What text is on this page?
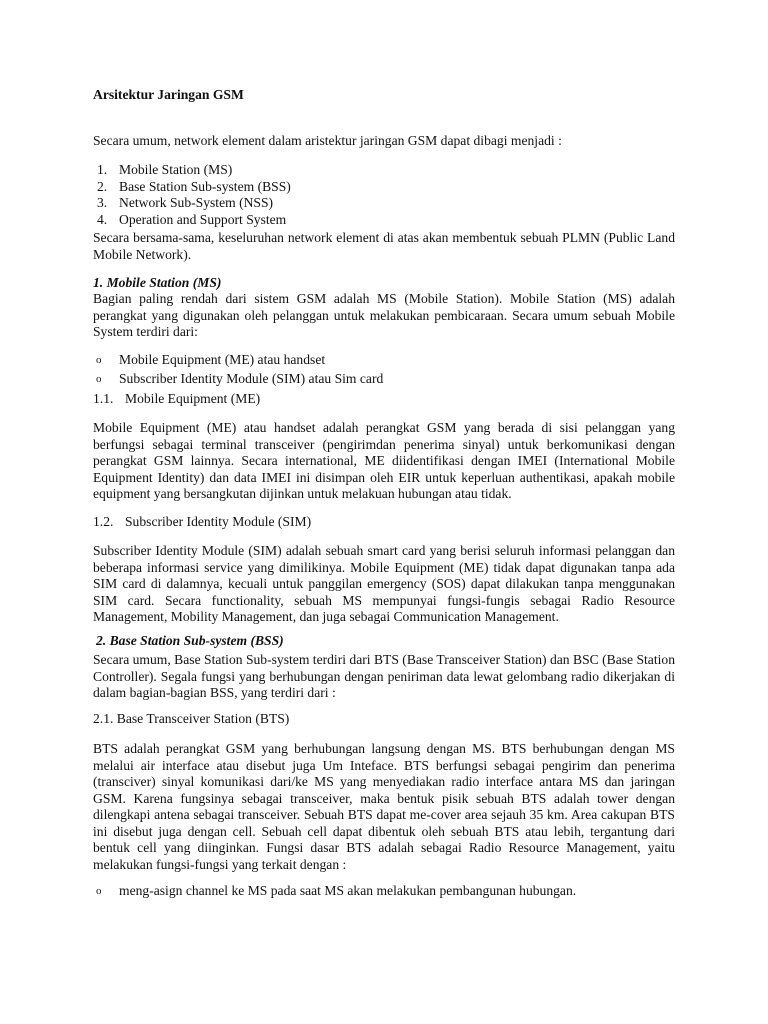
Arsitektur Jaringan GSM

Secara umum, network element dalam aristektur jaringan GSM dapat dibagi menjadi :

1. Mobile Station (MS)
2. Base Station Sub-system (BSS)
3. Network Sub-System (NSS)
4. Operation and Support System

Secara bersama-sama, keseluruhan network element di atas akan membentuk sebuah PLMN (Public Land Mobile Network).

1. Mobile Station (MS)

Bagian paling rendah dari sistem GSM adalah MS (Mobile Station). Mobile Station (MS) adalah perangkat yang digunakan oleh pelanggan untuk melakukan pembicaraan. Secara umum sebuah Mobile System terdiri dari:

o Mobile Equipment (ME) atau handset
o Subscriber Identity Module (SIM) atau Sim card

1.1. Mobile Equipment (ME)

Mobile Equipment (ME) atau handset adalah perangkat GSM yang berada di sisi pelanggan yang berfungsi sebagai terminal transceiver (pengirimdan penerima sinyal) untuk berkomunikasi dengan perangkat GSM lainnya. Secara international, ME diidentifikasi dengan IMEI (International Mobile Equipment Identity) dan data IMEI ini disimpan oleh EIR untuk keperluan authentikasi, apakah mobile equipment yang bersangkutan dijinkan untuk melakuan hubungan atau tidak.

1.2. Subscriber Identity Module (SIM)

Subscriber Identity Module (SIM) adalah sebuah smart card yang berisi seluruh informasi pelanggan dan beberapa informasi service yang dimilikinya. Mobile Equipment (ME) tidak dapat digunakan tanpa ada SIM card di dalamnya, kecuali untuk panggilan emergency (SOS) dapat dilakukan tanpa menggunakan SIM card. Secara functionality, sebuah MS mempunyai fungsi-fungis sebagai Radio Resource Management, Mobility Management, dan juga sebagai Communication Management.

2. Base Station Sub-system (BSS)

Secara umum, Base Station Sub-system terdiri dari BTS (Base Transceiver Station) dan BSC (Base Station Controller). Segala fungsi yang berhubungan dengan peniriman data lewat gelombang radio dikerjakan di dalam bagian-bagian BSS, yang terdiri dari :

2.1. Base Transceiver Station (BTS)

BTS adalah perangkat GSM yang berhubungan langsung dengan MS. BTS berhubungan dengan MS melalui air interface atau disebut juga Um Inteface. BTS berfungsi sebagai pengirim dan penerima (transciver) sinyal komunikasi dari/ke MS yang menyediakan radio interface antara MS dan jaringan GSM. Karena fungsinya sebagai transceiver, maka bentuk pisik sebuah BTS adalah tower dengan dilengkapi antena sebagai transceiver. Sebuah BTS dapat me-cover area sejauh 35 km. Area cakupan BTS ini disebut juga dengan cell. Sebuah cell dapat dibentuk oleh sebuah BTS atau lebih, tergantung dari bentuk cell yang diinginkan. Fungsi dasar BTS adalah sebagai Radio Resource Management, yaitu melakukan fungsi-fungsi yang terkait dengan :

o meng-asign channel ke MS pada saat MS akan melakukan pembangunan hubungan.
